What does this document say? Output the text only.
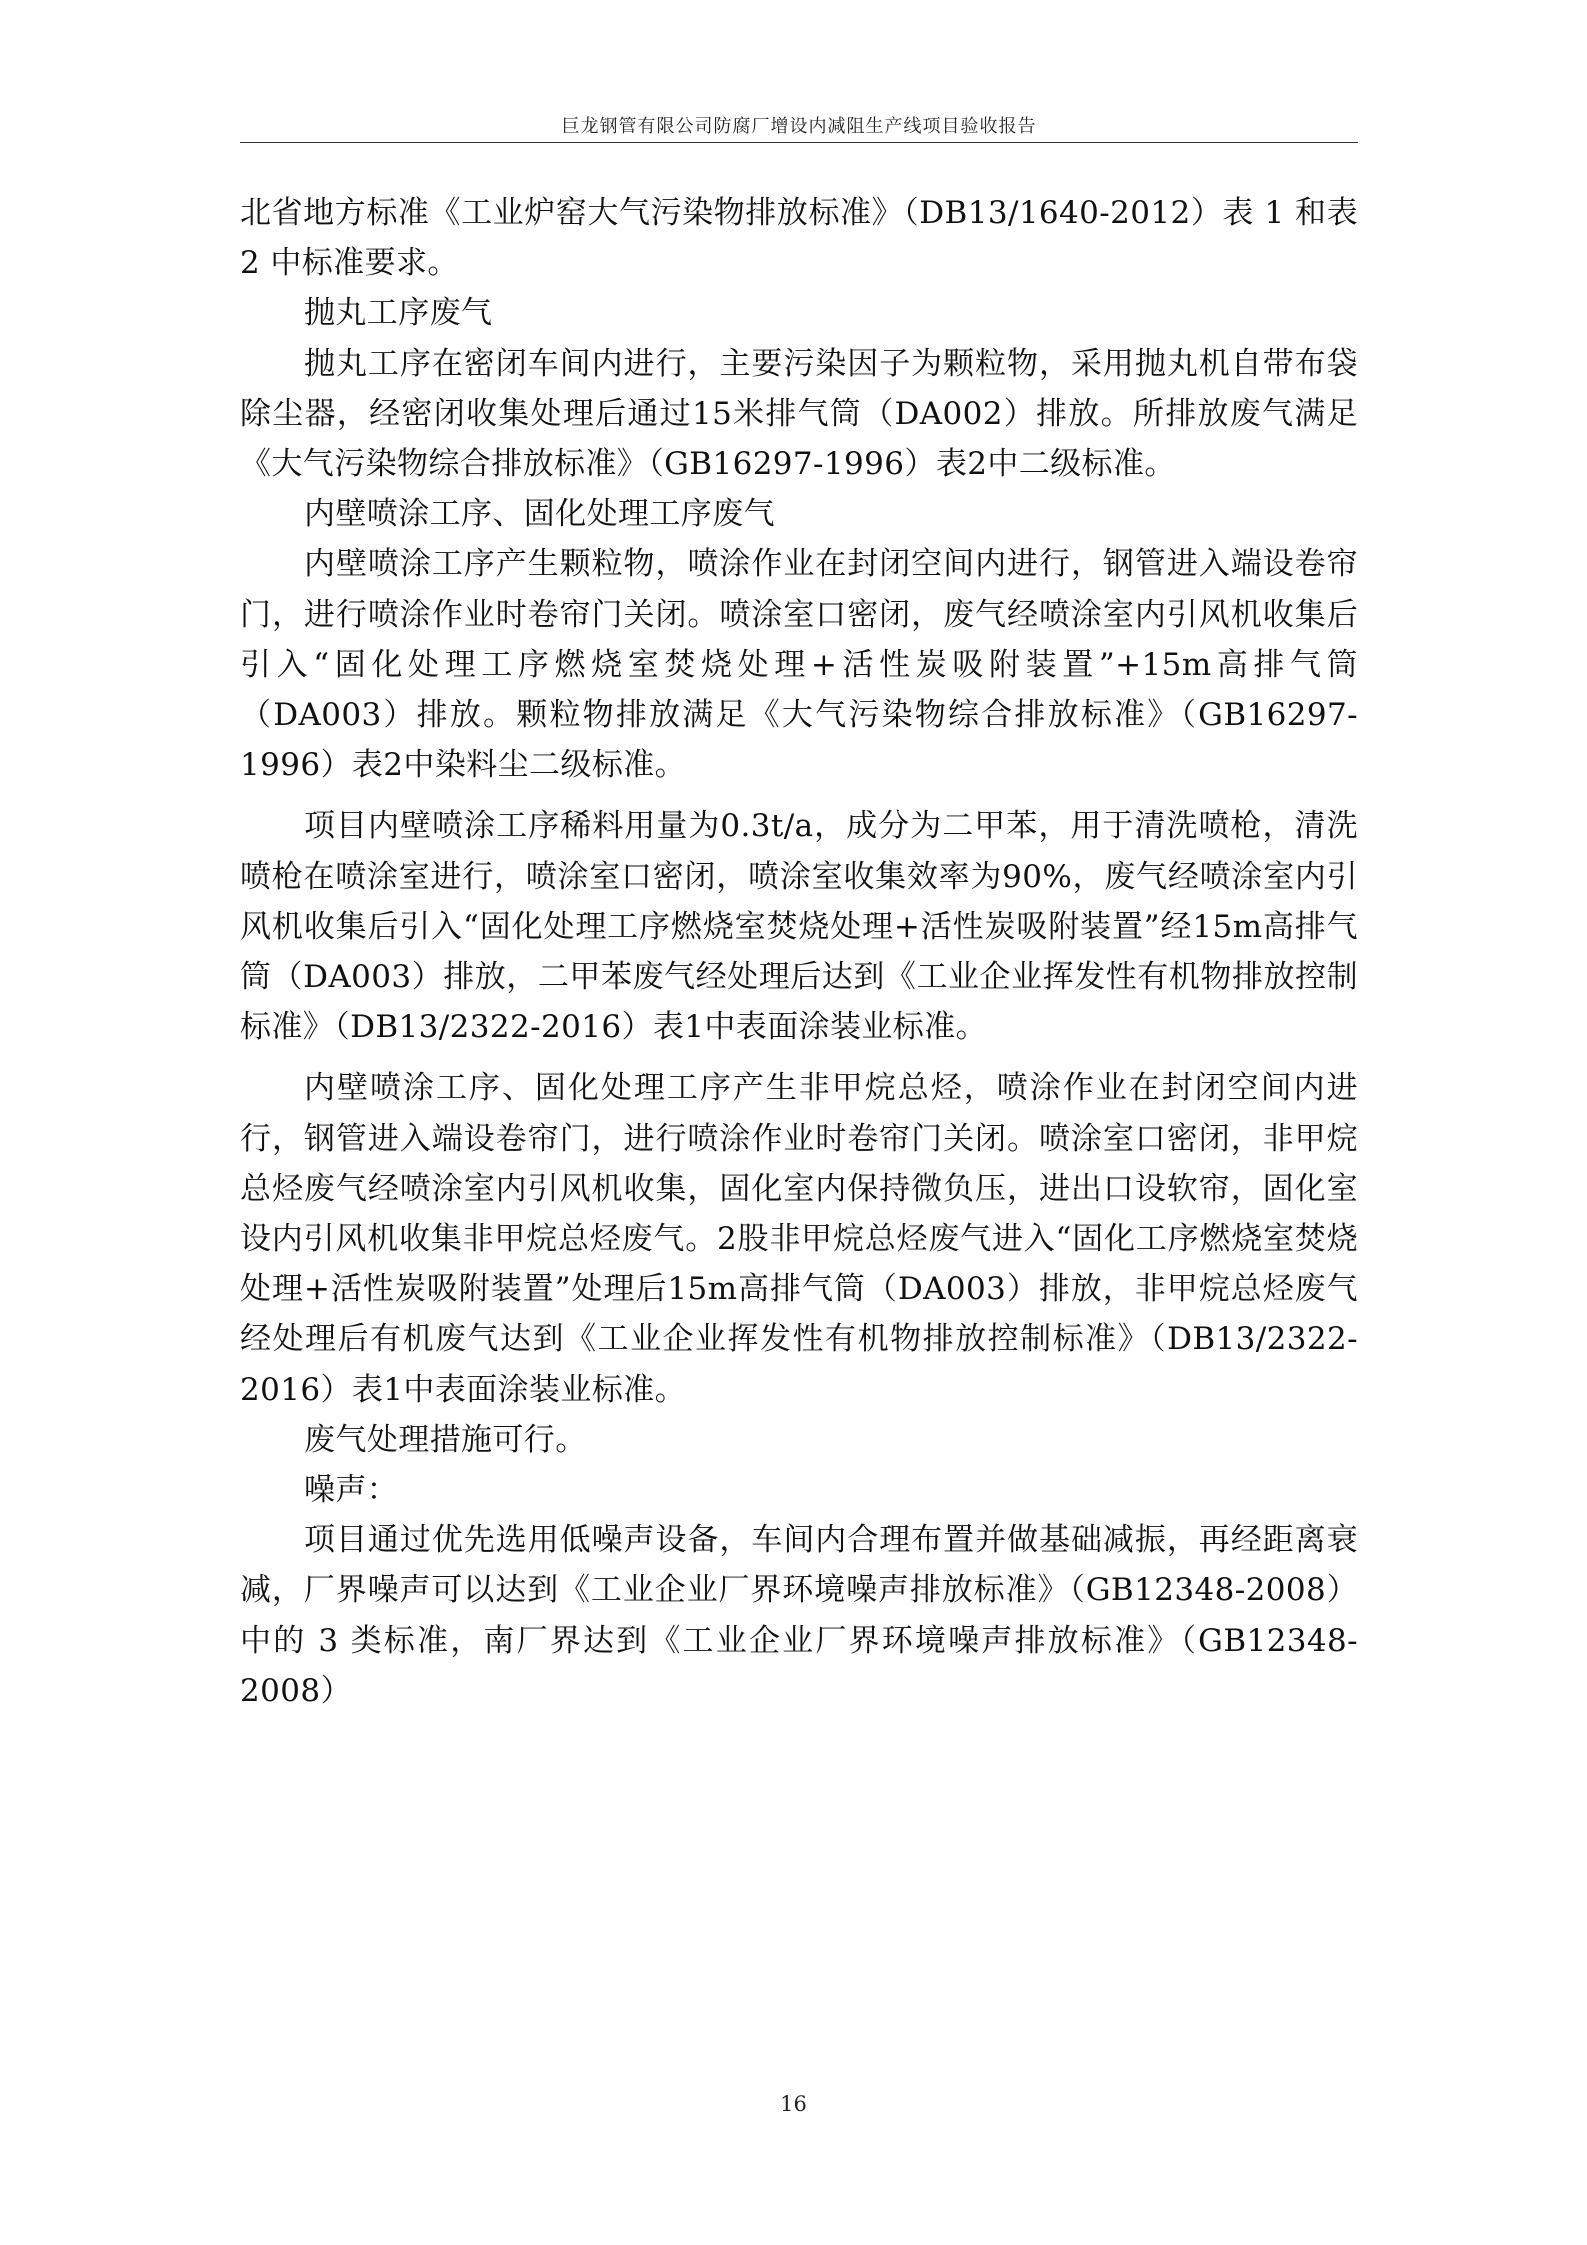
巨龙钢管有限公司防腐厂增设内减阻生产线项目验收报告

北省地方标准《工业炉窑大气污染物排放标准》（DB13/1640-2012）表 1 和表 2 中标准要求。

抛丸工序废气

抛丸工序在密闭车间内进行，主要污染因子为颗粒物，采用抛丸机自带布袋除尘器，经密闭收集处理后通过15米排气筒（DA002）排放。所排放废气满足《大气污染物综合排放标准》（GB16297-1996）表2中二级标准。

内壁喷涂工序、固化处理工序废气

内壁喷涂工序产生颗粒物，喷涂作业在封闭空间内进行，钢管进入端设卷帘门，进行喷涂作业时卷帘门关闭。喷涂室口密闭，废气经喷涂室内引风机收集后引入“固化处理工序燃烧室焚烧处理+活性炭吸附装置”+15m高排气筒（DA003）排放。颗粒物排放满足《大气污染物综合排放标准》（GB16297-1996）表2中染料尘二级标准。

项目内壁喷涂工序稀料用量为0.3t/a，成分为二甲苯，用于清洗喷枪，清洗喷枪在喷涂室进行，喷涂室口密闭，喷涂室收集效率为90%，废气经喷涂室内引风机收集后引入“固化处理工序燃烧室焚烧处理+活性炭吸附装置”经15m高排气筒（DA003）排放，二甲苯废气经处理后达到《工业企业挥发性有机物排放控制标准》（DB13/2322-2016）表1中表面涂装业标准。

内壁喷涂工序、固化处理工序产生非甲烷总烃，喷涂作业在封闭空间内进行，钢管进入端设卷帘门，进行喷涂作业时卷帘门关闭。喷涂室口密闭，非甲烷总烃废气经喷涂室内引风机收集，固化室内保持微负压，进出口设软帘，固化室设内引风机收集非甲烷总烃废气。2股非甲烷总烃废气进入“固化工序燃烧室焚烧处理+活性炭吸附装置”处理后15m高排气筒（DA003）排放，非甲烷总烃废气经处理后有机废气达到《工业企业挥发性有机物排放控制标准》（DB13/2322-2016）表1中表面涂装业标准。

废气处理措施可行。

噪声：

项目通过优先选用低噪声设备，车间内合理布置并做基础减振，再经距离衰减，厂界噪声可以达到《工业企业厂界环境噪声排放标准》（GB12348-2008）中的 3 类标准，南厂界达到《工业企业厂界环境噪声排放标准》（GB12348-2008）

16
